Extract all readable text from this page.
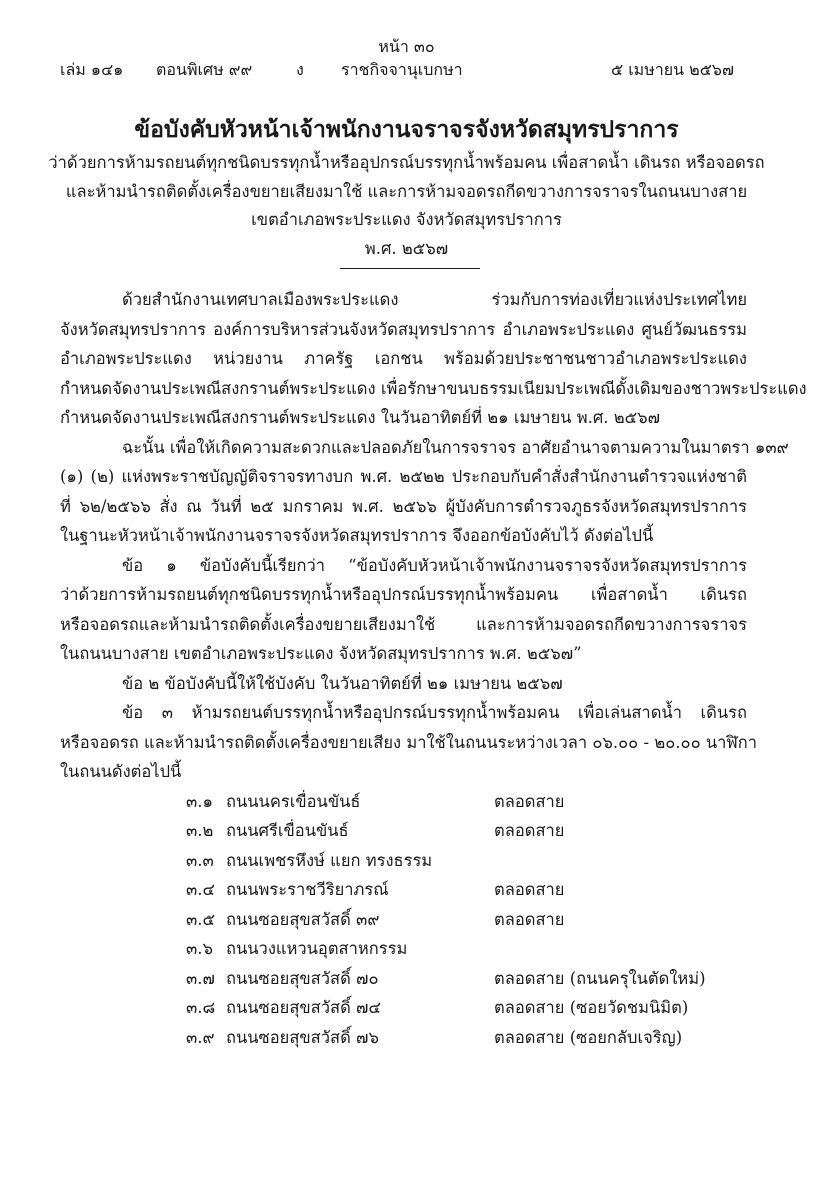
หน้า ๓๐
เล่ม ๑๔๑ ตอนพิเศษ ๙๙	ง ราชกิจจานุเบกษา	๕ เมษายน ๒๕๖๗
ข้อบังคับหัวหน้าเจ้าพนักงานจราจรจังหวัดสมุทรปราการ
ว่าด้วยการห้ามรถยนต์ทุกชนิดบรรทุกน้ำหรืออุปกรณ์บรรทุกน้ำพร้อมคน เพื่อสาดน้ำ เดินรถ หรือจอดรถ
และห้ามนำรถติดตั้งเครื่องขยายเสียงมาใช้ และการห้ามจอดรถกีดขวางการจราจรในถนนบางสาย
เขตอำเภอพระประแดง จังหวัดสมุทรปราการ
พ.ศ. ๒๕๖๗
ด้วยสำนักงานเทศบาลเมืองพระประแดง ร่วมกับการท่องเที่ยวแห่งประเทศไทย
จังหวัดสมุทรปราการ องค์การบริหารส่วนจังหวัดสมุทรปราการ อำเภอพระประแดง ศูนย์วัฒนธรรม
อำเภอพระประแดง หน่วยงาน ภาครัฐ เอกชน พร้อมด้วยประชาชนชาวอำเภอพระประแดง
กำหนดจัดงานประเพณีสงกรานต์พระประแดง เพื่อรักษาขนบธรรมเนียมประเพณีดั้งเดิมของชาวพระประแดง
กำหนดจัดงานประเพณีสงกรานต์พระประแดง ในวันอาทิตย์ที่ ๒๑ เมษายน พ.ศ. ๒๕๖๗
ฉะนั้น เพื่อให้เกิดความสะดวกและปลอดภัยในการจราจร อาศัยอำนาจตามความในมาตรา ๑๓๙
(๑) (๒) แห่งพระราชบัญญัติจราจรทางบก พ.ศ. ๒๕๒๒ ประกอบกับคำสั่งสำนักงานตำรวจแห่งชาติ
ที่ ๖๒/๒๕๖๖ สั่ง ณ วันที่ ๒๕ มกราคม พ.ศ. ๒๕๖๖ ผู้บังคับการตำรวจภูธรจังหวัดสมุทรปราการ
ในฐานะหัวหน้าเจ้าพนักงานจราจรจังหวัดสมุทรปราการ จึงออกข้อบังคับไว้ ดังต่อไปนี้
ข้อ ๑ ข้อบังคับนี้เรียกว่า “ข้อบังคับหัวหน้าเจ้าพนักงานจราจรจังหวัดสมุทรปราการ
ว่าด้วยการห้ามรถยนต์ทุกชนิดบรรทุกน้ำหรืออุปกรณ์บรรทุกน้ำพร้อมคน เพื่อสาดน้ำ เดินรถ
หรือจอดรถและห้ามนำรถติดตั้งเครื่องขยายเสียงมาใช้ และการห้ามจอดรถกีดขวางการจราจร
ในถนนบางสาย เขตอำเภอพระประแดง จังหวัดสมุทรปราการ พ.ศ. ๒๕๖๗”
ข้อ ๒ ข้อบังคับนี้ให้ใช้บังคับ ในวันอาทิตย์ที่ ๒๑ เมษายน ๒๕๖๗
ข้อ ๓ ห้ามรถยนต์บรรทุกน้ำหรืออุปกรณ์บรรทุกน้ำพร้อมคน เพื่อเล่นสาดน้ำ เดินรถ
หรือจอดรถ และห้ามนำรถติดตั้งเครื่องขยายเสียง มาใช้ในถนนระหว่างเวลา ๐๖.๐๐ - ๒๐.๐๐ นาฬิกา
ในถนนดังต่อไปนี้
๓.๑ ถนนนครเขื่อนขันธ์	ตลอดสาย
๓.๒ ถนนศรีเขื่อนขันธ์	ตลอดสาย
๓.๓ ถนนเพชรหึงษ์ แยก ทรงธรรม
๓.๔ ถนนพระราชวีริยาภรณ์	ตลอดสาย
๓.๕ ถนนซอยสุขสวัสดิ์ ๓๙	ตลอดสาย
๓.๖ ถนนวงแหวนอุตสาหกรรม
๓.๗ ถนนซอยสุขสวัสดิ์ ๗๐	ตลอดสาย (ถนนครุในตัดใหม่)
๓.๘ ถนนซอยสุขสวัสดิ์ ๗๔	ตลอดสาย (ซอยวัดชมนิมิต)
๓.๙ ถนนซอยสุขสวัสดิ์ ๗๖	ตลอดสาย (ซอยกลับเจริญ)
